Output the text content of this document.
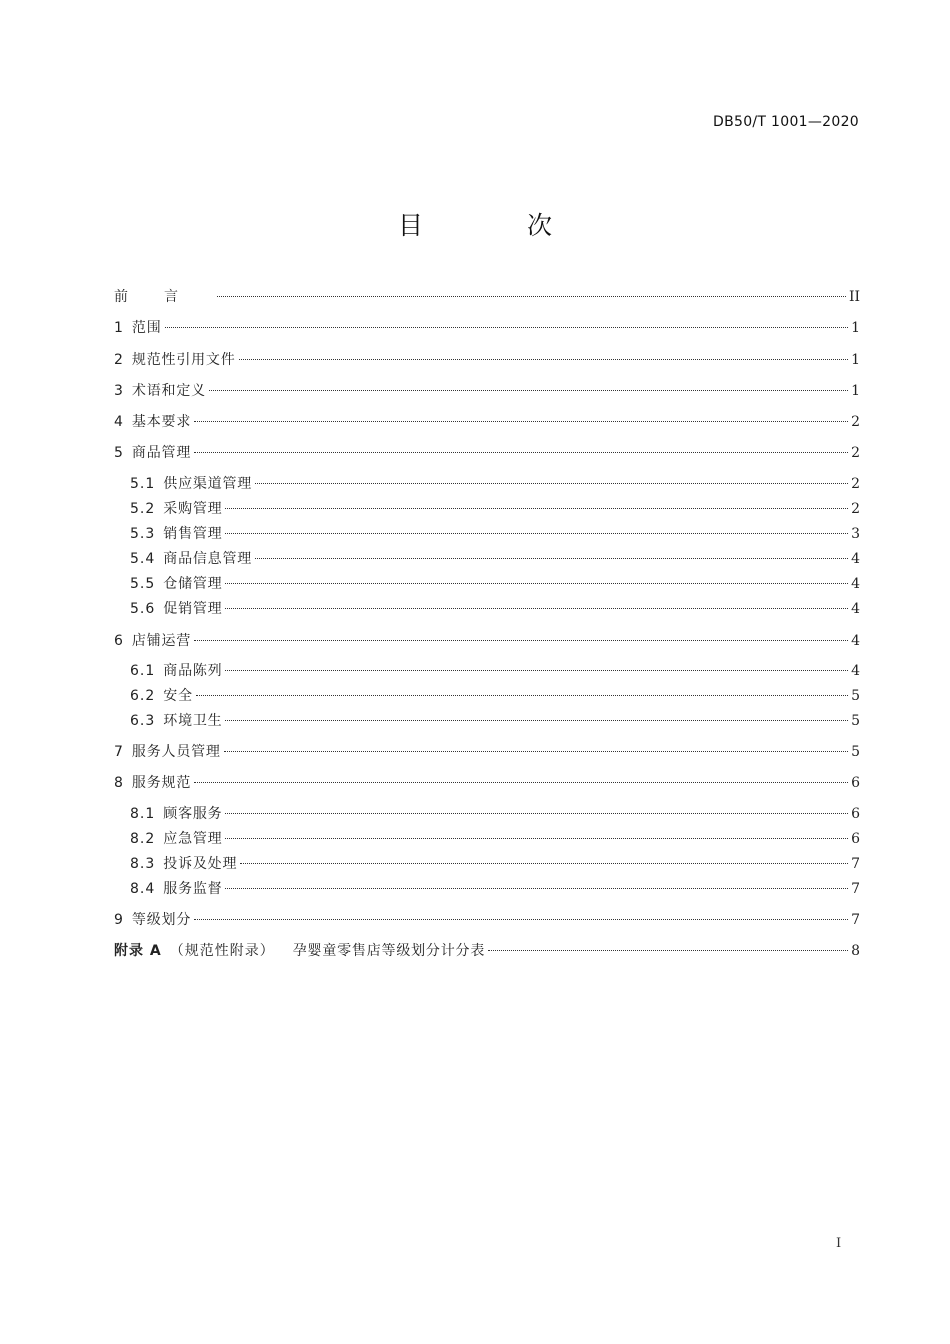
DB50/T 1001—2020
目 次
前言	II
1 范围	1
2 规范性引用文件	1
3 术语和定义	1
4 基本要求	2
5 商品管理	2
5.1 供应渠道管理	2
5.2 采购管理	2
5.3 销售管理	3
5.4 商品信息管理	4
5.5 仓储管理	4
5.6 促销管理	4
6 店铺运营	4
6.1 商品陈列	4
6.2 安全	5
6.3 环境卫生	5
7 服务人员管理	5
8 服务规范	6
8.1 顾客服务	6
8.2 应急管理	6
8.3 投诉及处理	7
8.4 服务监督	7
9 等级划分	7
附录 A （规范性附录） 孕婴童零售店等级划分计分表	8
I
